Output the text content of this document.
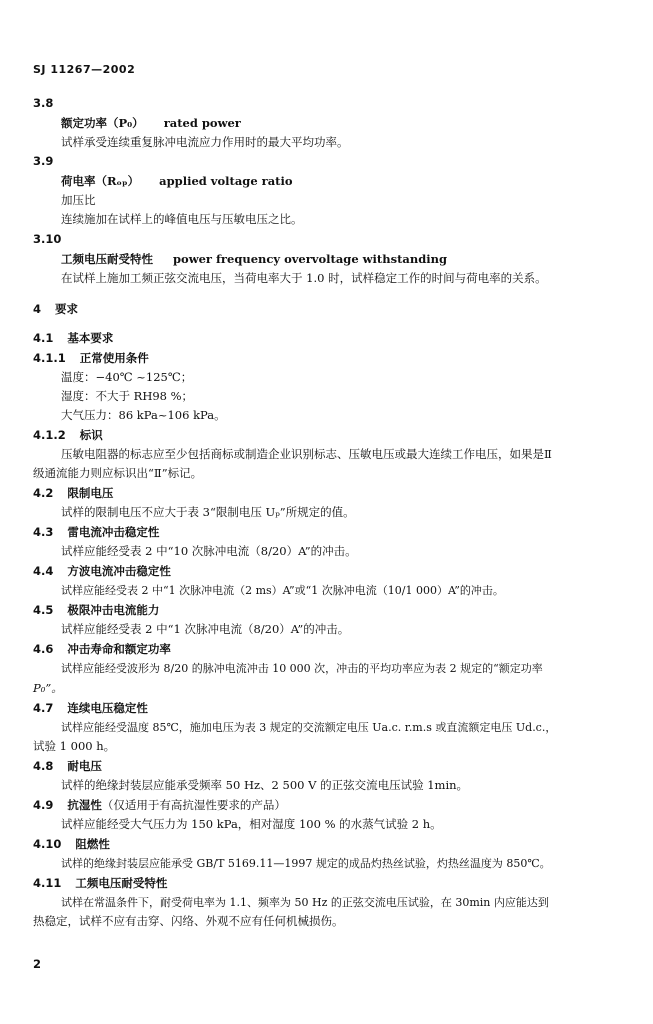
SJ 11267—2002
3.8
额定功率（P₀） rated power
试样承受连续重复脉冲电流应力作用时的最大平均功率。
3.9
荷电率（Rₒₚ） applied voltage ratio
加压比
连续施加在试样上的峰值电压与压敏电压之比。
3.10
工频电压耐受特性 power frequency overvoltage withstanding
在试样上施加工频正弦交流电压，当荷电率大于 1.0 时，试样稳定工作的时间与荷电率的关系。
4 要求
4.1 基本要求
4.1.1 正常使用条件
温度：−40℃ ~125℃；
湿度：不大于 RH98 %；
大气压力：86 kPa~106 kPa。
4.1.2 标识
压敏电阻器的标志应至少包括商标或制造企业识别标志、压敏电压或最大连续工作电压，如果是Ⅱ
级通流能力则应标识出“Ⅱ”标记。
4.2 限制电压
试样的限制电压不应大于表 3“限制电压 Uₚ”所规定的值。
4.3 雷电流冲击稳定性
试样应能经受表 2 中“10 次脉冲电流（8/20）A”的冲击。
4.4 方波电流冲击稳定性
试样应能经受表 2 中“1 次脉冲电流（2 ms）A”或“1 次脉冲电流（10/1 000）A”的冲击。
4.5 极限冲击电流能力
试样应能经受表 2 中“1 次脉冲电流（8/20）A”的冲击。
4.6 冲击寿命和额定功率
试样应能经受波形为 8/20 的脉冲电流冲击 10 000 次，冲击的平均功率应为表 2 规定的“额定功率
P₀”。
4.7 连续电压稳定性
试样应能经受温度 85℃，施加电压为表 3 规定的交流额定电压 Ua.c. r.m.s 或直流额定电压 Ud.c.，
试验 1 000 h。
4.8 耐电压
试样的绝缘封装层应能承受频率 50 Hz、2 500 V 的正弦交流电压试验 1min。
4.9 抗湿性（仅适用于有高抗湿性要求的产品）
试样应能经受大气压力为 150 kPa，相对湿度 100 % 的水蒸气试验 2 h。
4.10 阻燃性
试样的绝缘封装层应能承受 GB/T 5169.11—1997 规定的成品灼热丝试验，灼热丝温度为 850℃。
4.11 工频电压耐受特性
试样在常温条件下，耐受荷电率为 1.1、频率为 50 Hz 的正弦交流电压试验，在 30min 内应能达到
热稳定，试样不应有击穿、闪络、外观不应有任何机械损伤。
2
